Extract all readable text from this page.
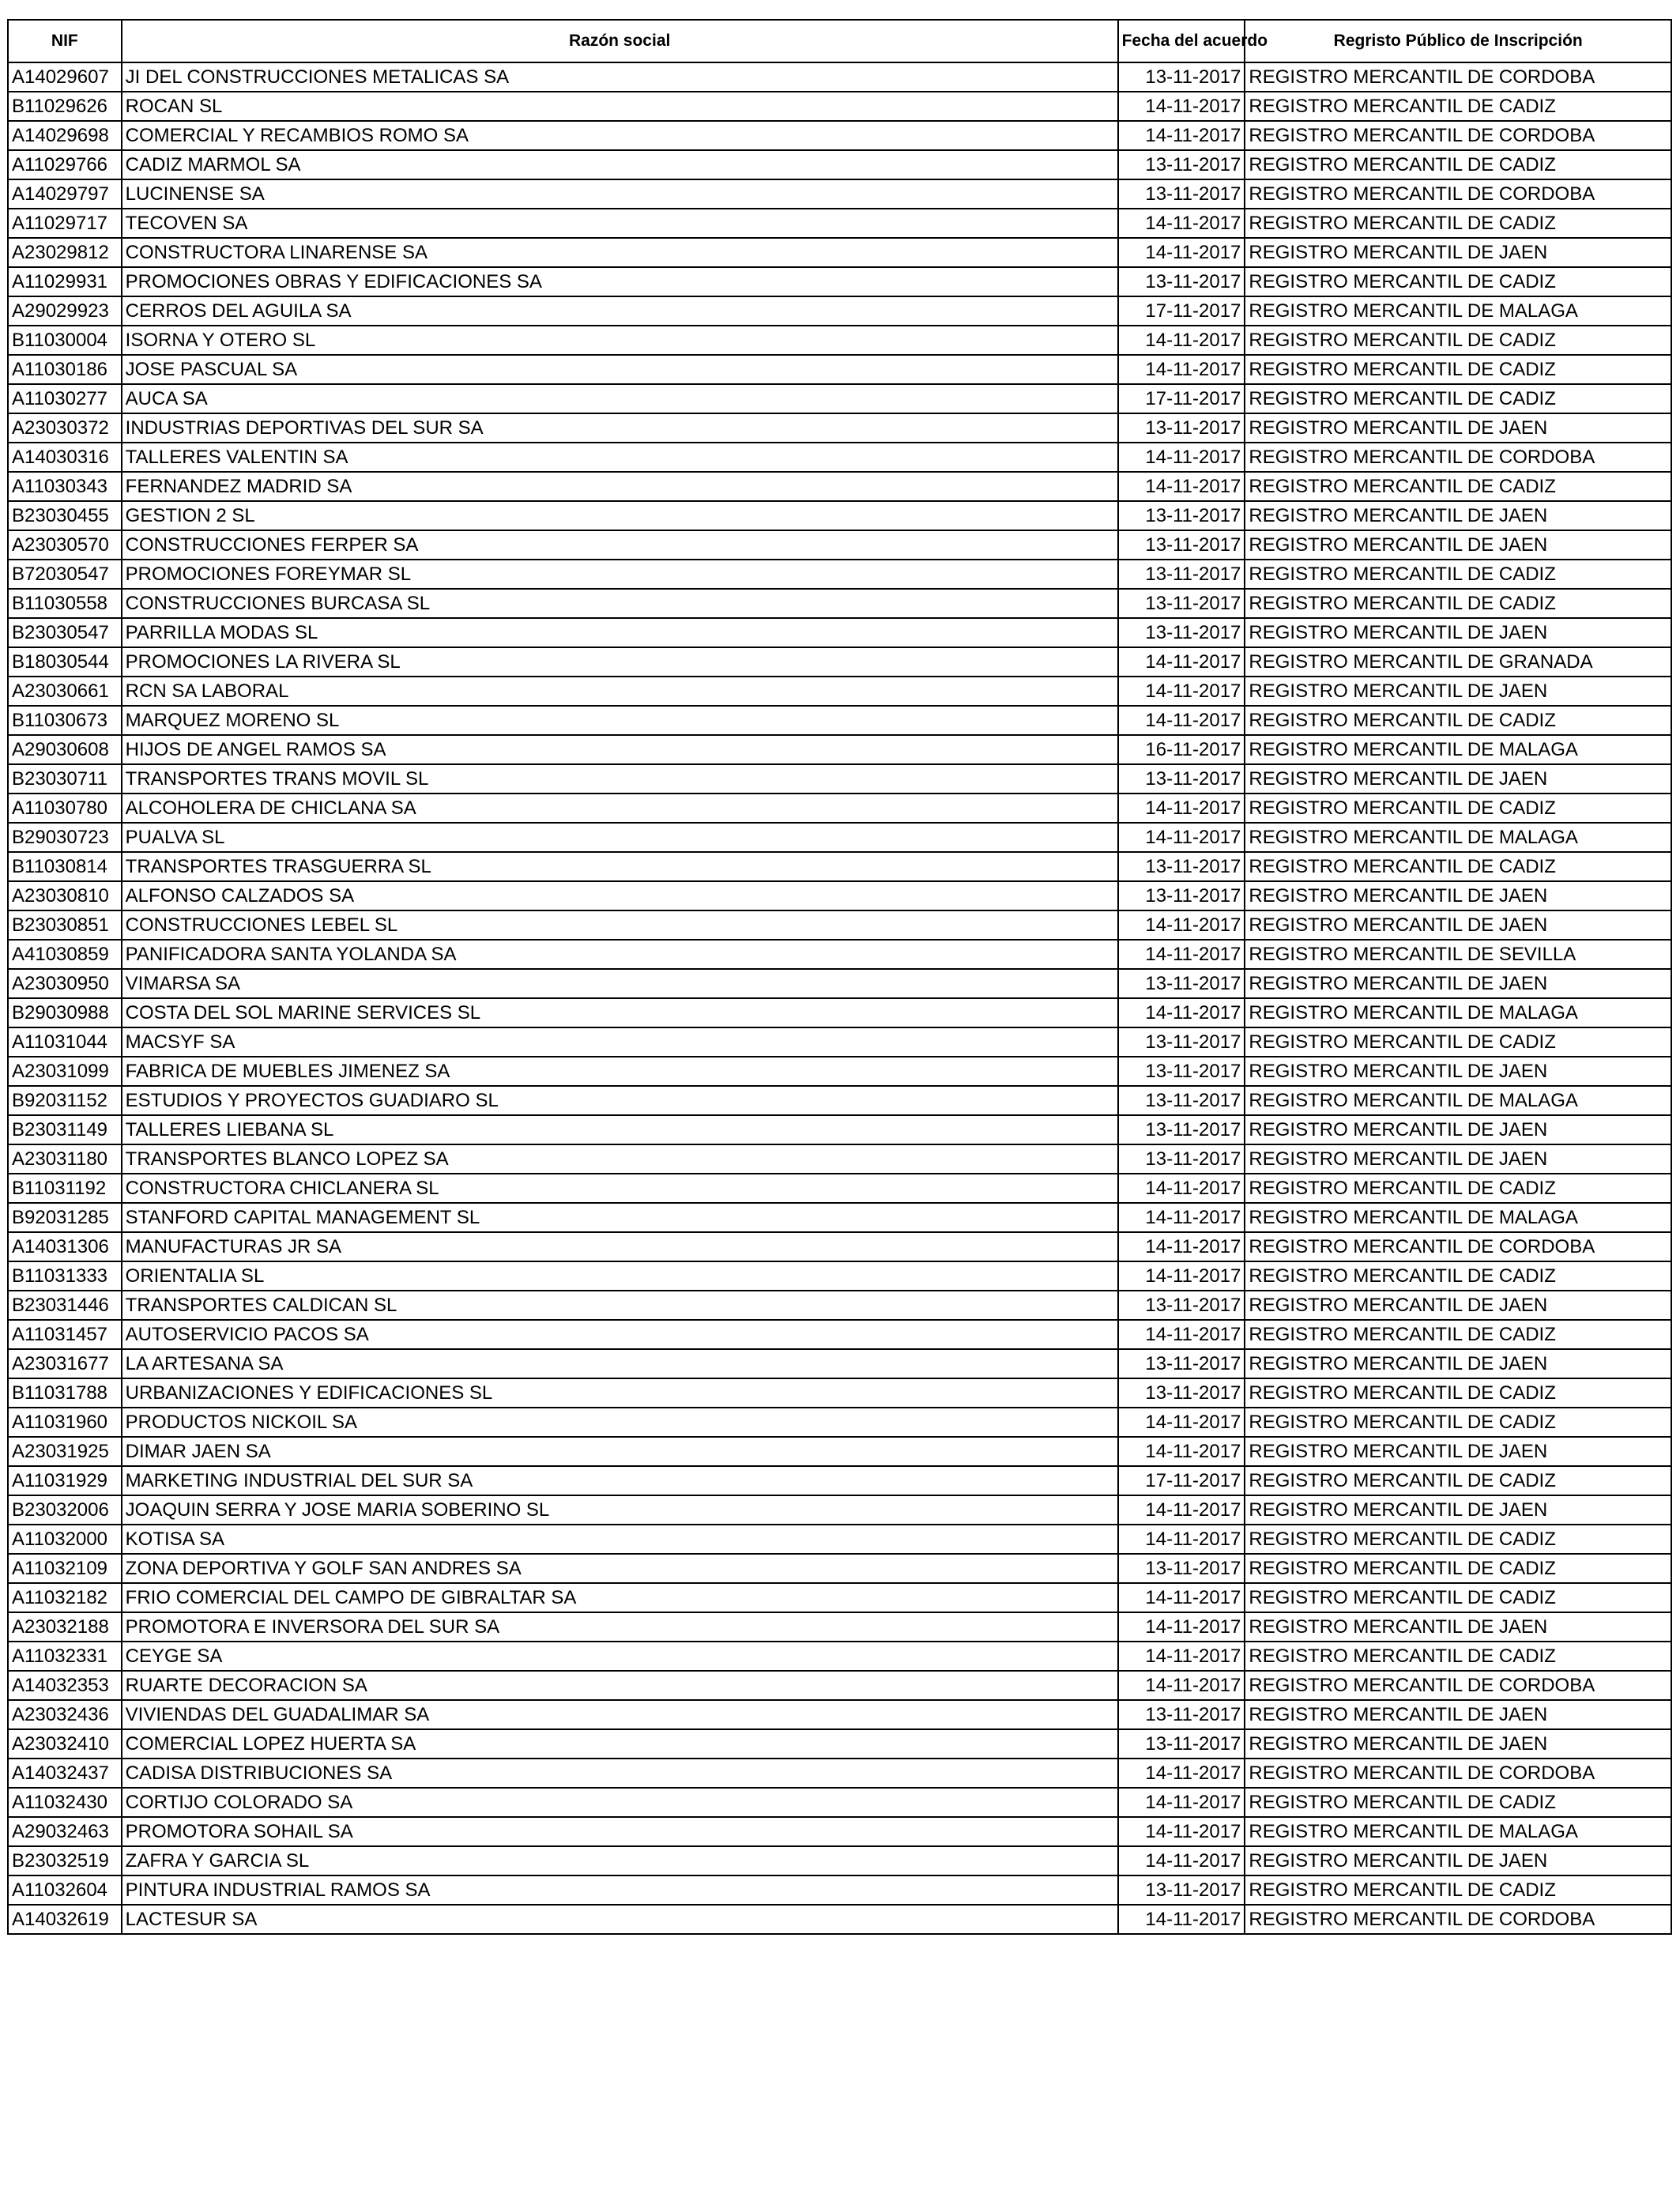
NIF	Razón social	Fecha del acuerdo	Regristo Público de Inscripción
A14029607	JI DEL CONSTRUCCIONES METALICAS SA	13-11-2017	REGISTRO MERCANTIL DE CORDOBA
B11029626	ROCAN SL	14-11-2017	REGISTRO MERCANTIL DE CADIZ
A14029698	COMERCIAL Y RECAMBIOS ROMO SA	14-11-2017	REGISTRO MERCANTIL DE CORDOBA
A11029766	CADIZ MARMOL SA	13-11-2017	REGISTRO MERCANTIL DE CADIZ
A14029797	LUCINENSE SA	13-11-2017	REGISTRO MERCANTIL DE CORDOBA
A11029717	TECOVEN SA	14-11-2017	REGISTRO MERCANTIL DE CADIZ
A23029812	CONSTRUCTORA LINARENSE SA	14-11-2017	REGISTRO MERCANTIL DE JAEN
A11029931	PROMOCIONES OBRAS Y EDIFICACIONES SA	13-11-2017	REGISTRO MERCANTIL DE CADIZ
A29029923	CERROS DEL AGUILA SA	17-11-2017	REGISTRO MERCANTIL DE MALAGA
B11030004	ISORNA Y OTERO SL	14-11-2017	REGISTRO MERCANTIL DE CADIZ
A11030186	JOSE PASCUAL SA	14-11-2017	REGISTRO MERCANTIL DE CADIZ
A11030277	AUCA SA	17-11-2017	REGISTRO MERCANTIL DE CADIZ
A23030372	INDUSTRIAS DEPORTIVAS DEL SUR SA	13-11-2017	REGISTRO MERCANTIL DE JAEN
A14030316	TALLERES VALENTIN SA	14-11-2017	REGISTRO MERCANTIL DE CORDOBA
A11030343	FERNANDEZ MADRID SA	14-11-2017	REGISTRO MERCANTIL DE CADIZ
B23030455	GESTION 2 SL	13-11-2017	REGISTRO MERCANTIL DE JAEN
A23030570	CONSTRUCCIONES FERPER SA	13-11-2017	REGISTRO MERCANTIL DE JAEN
B72030547	PROMOCIONES FOREYMAR SL	13-11-2017	REGISTRO MERCANTIL DE CADIZ
B11030558	CONSTRUCCIONES BURCASA SL	13-11-2017	REGISTRO MERCANTIL DE CADIZ
B23030547	PARRILLA MODAS SL	13-11-2017	REGISTRO MERCANTIL DE JAEN
B18030544	PROMOCIONES LA RIVERA SL	14-11-2017	REGISTRO MERCANTIL DE GRANADA
A23030661	RCN SA LABORAL	14-11-2017	REGISTRO MERCANTIL DE JAEN
B11030673	MARQUEZ MORENO SL	14-11-2017	REGISTRO MERCANTIL DE CADIZ
A29030608	HIJOS DE ANGEL RAMOS SA	16-11-2017	REGISTRO MERCANTIL DE MALAGA
B23030711	TRANSPORTES TRANS MOVIL SL	13-11-2017	REGISTRO MERCANTIL DE JAEN
A11030780	ALCOHOLERA DE CHICLANA SA	14-11-2017	REGISTRO MERCANTIL DE CADIZ
B29030723	PUALVA SL	14-11-2017	REGISTRO MERCANTIL DE MALAGA
B11030814	TRANSPORTES TRASGUERRA SL	13-11-2017	REGISTRO MERCANTIL DE CADIZ
A23030810	ALFONSO CALZADOS SA	13-11-2017	REGISTRO MERCANTIL DE JAEN
B23030851	CONSTRUCCIONES LEBEL SL	14-11-2017	REGISTRO MERCANTIL DE JAEN
A41030859	PANIFICADORA SANTA YOLANDA SA	14-11-2017	REGISTRO MERCANTIL DE SEVILLA
A23030950	VIMARSA SA	13-11-2017	REGISTRO MERCANTIL DE JAEN
B29030988	COSTA DEL SOL MARINE SERVICES SL	14-11-2017	REGISTRO MERCANTIL DE MALAGA
A11031044	MACSYF SA	13-11-2017	REGISTRO MERCANTIL DE CADIZ
A23031099	FABRICA DE MUEBLES JIMENEZ SA	13-11-2017	REGISTRO MERCANTIL DE JAEN
B92031152	ESTUDIOS Y PROYECTOS GUADIARO SL	13-11-2017	REGISTRO MERCANTIL DE MALAGA
B23031149	TALLERES LIEBANA SL	13-11-2017	REGISTRO MERCANTIL DE JAEN
A23031180	TRANSPORTES BLANCO LOPEZ SA	13-11-2017	REGISTRO MERCANTIL DE JAEN
B11031192	CONSTRUCTORA CHICLANERA SL	14-11-2017	REGISTRO MERCANTIL DE CADIZ
B92031285	STANFORD CAPITAL MANAGEMENT SL	14-11-2017	REGISTRO MERCANTIL DE MALAGA
A14031306	MANUFACTURAS JR SA	14-11-2017	REGISTRO MERCANTIL DE CORDOBA
B11031333	ORIENTALIA SL	14-11-2017	REGISTRO MERCANTIL DE CADIZ
B23031446	TRANSPORTES CALDICAN SL	13-11-2017	REGISTRO MERCANTIL DE JAEN
A11031457	AUTOSERVICIO PACOS SA	14-11-2017	REGISTRO MERCANTIL DE CADIZ
A23031677	LA ARTESANA SA	13-11-2017	REGISTRO MERCANTIL DE JAEN
B11031788	URBANIZACIONES Y EDIFICACIONES SL	13-11-2017	REGISTRO MERCANTIL DE CADIZ
A11031960	PRODUCTOS NICKOIL SA	14-11-2017	REGISTRO MERCANTIL DE CADIZ
A23031925	DIMAR JAEN SA	14-11-2017	REGISTRO MERCANTIL DE JAEN
A11031929	MARKETING INDUSTRIAL DEL SUR SA	17-11-2017	REGISTRO MERCANTIL DE CADIZ
B23032006	JOAQUIN SERRA Y JOSE MARIA SOBERINO SL	14-11-2017	REGISTRO MERCANTIL DE JAEN
A11032000	KOTISA SA	14-11-2017	REGISTRO MERCANTIL DE CADIZ
A11032109	ZONA DEPORTIVA Y GOLF SAN ANDRES SA	13-11-2017	REGISTRO MERCANTIL DE CADIZ
A11032182	FRIO COMERCIAL DEL CAMPO DE GIBRALTAR SA	14-11-2017	REGISTRO MERCANTIL DE CADIZ
A23032188	PROMOTORA E INVERSORA DEL SUR SA	14-11-2017	REGISTRO MERCANTIL DE JAEN
A11032331	CEYGE SA	14-11-2017	REGISTRO MERCANTIL DE CADIZ
A14032353	RUARTE DECORACION SA	14-11-2017	REGISTRO MERCANTIL DE CORDOBA
A23032436	VIVIENDAS DEL GUADALIMAR SA	13-11-2017	REGISTRO MERCANTIL DE JAEN
A23032410	COMERCIAL LOPEZ HUERTA SA	13-11-2017	REGISTRO MERCANTIL DE JAEN
A14032437	CADISA DISTRIBUCIONES SA	14-11-2017	REGISTRO MERCANTIL DE CORDOBA
A11032430	CORTIJO COLORADO SA	14-11-2017	REGISTRO MERCANTIL DE CADIZ
A29032463	PROMOTORA SOHAIL SA	14-11-2017	REGISTRO MERCANTIL DE MALAGA
B23032519	ZAFRA Y GARCIA SL	14-11-2017	REGISTRO MERCANTIL DE JAEN
A11032604	PINTURA INDUSTRIAL RAMOS SA	13-11-2017	REGISTRO MERCANTIL DE CADIZ
A14032619	LACTESUR SA	14-11-2017	REGISTRO MERCANTIL DE CORDOBA
